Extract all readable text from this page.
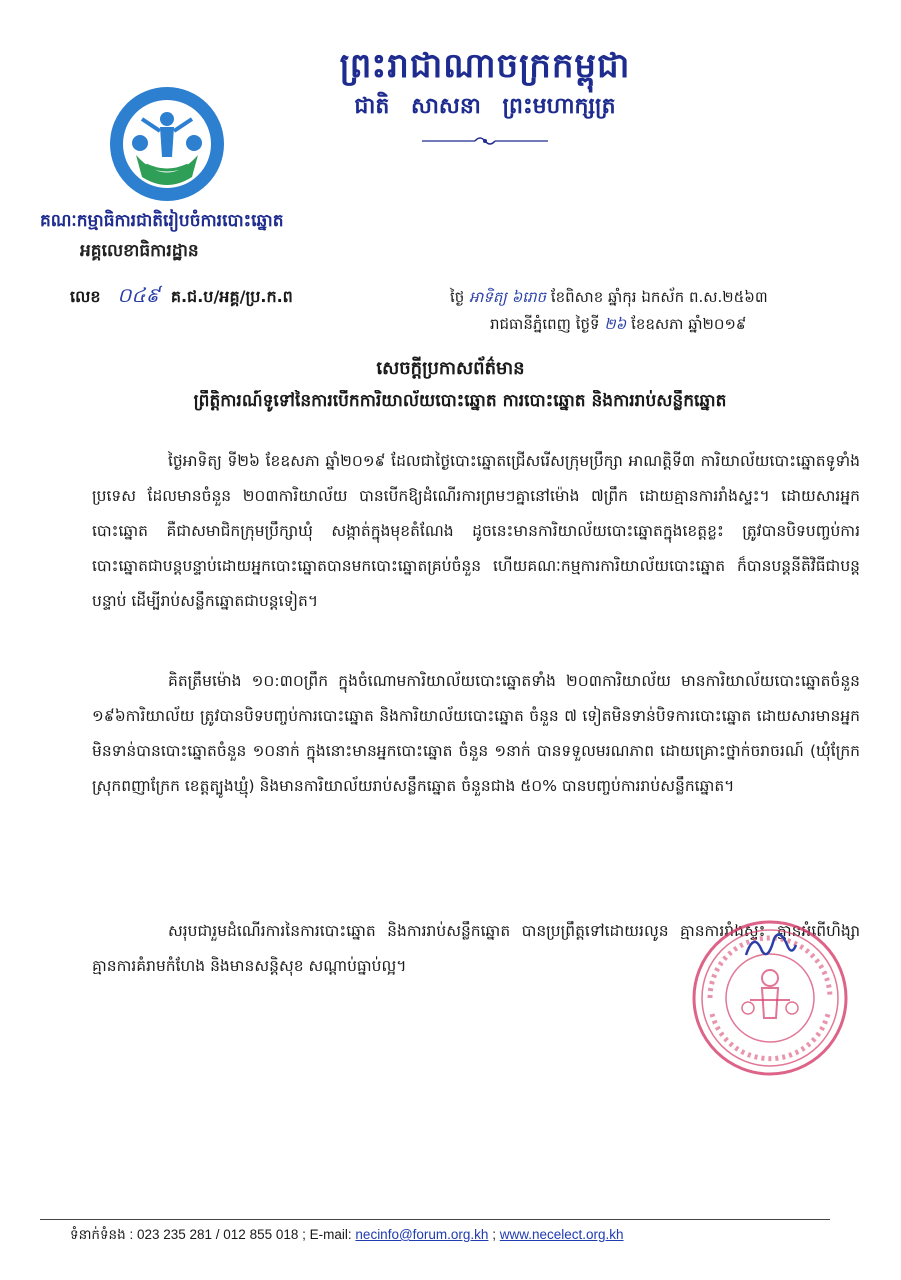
ព្រះរាជាណាចក្រកម្ពុជា
ជាតិ សាសនា ព្រះមហាក្សត្រ
គណៈកម្មាធិការជាតិរៀបចំការបោះឆ្នោត
អគ្គលេខាធិការដ្ឋាន
លេខ ០៤៩ គ.ជ.ប/អគ្គ/ប្រ.ក.ព	ថ្ងៃ អាទិត្យ ៦រោច ខែពិសាខ ឆ្នាំកុរ ឯកស័ក ព.ស.២៥៦៣
រាជធានីភ្នំពេញ ថ្ងៃទី ២៦ ខែឧសភា ឆ្នាំ២០១៩
សេចក្តីប្រកាសព័ត៌មាន
ព្រឹត្តិការណ៍ទូទៅនៃការបើកការិយាល័យបោះឆ្នោត ការបោះឆ្នោត និងការរាប់សន្លឹកឆ្នោត

ថ្ងៃអាទិត្យ ទី២៦ ខែឧសភា ឆ្នាំ២០១៩ ដែលជាថ្ងៃបោះឆ្នោតជ្រើសរើសក្រុមប្រឹក្សា អាណត្តិទី៣ ការិយាល័យបោះឆ្នោតទូទាំងប្រទេស ដែលមានចំនួន ២០៣ការិយាល័យ បានបើកឱ្យដំណើរការព្រមៗគ្នានៅម៉ោង ៧ព្រឹក ដោយគ្មានការរាំងស្ទះ។ ដោយសារអ្នកបោះឆ្នោត គឺជាសមាជិកក្រុមប្រឹក្សាឃុំ សង្កាត់ក្នុងមុខតំណែង ដូចនេះមានការិយាល័យបោះឆ្នោតក្នុងខេត្តខ្លះ ត្រូវបានបិទបញ្ចប់ការបោះឆ្នោតជាបន្តបន្ទាប់ដោយអ្នកបោះឆ្នោតបានមកបោះឆ្នោតគ្រប់ចំនួន ហើយគណៈកម្មការការិយាល័យបោះឆ្នោត ក៏បានបន្តនីតិវិធីជាបន្តបន្ទាប់ ដើម្បីរាប់សន្លឹកឆ្នោតជាបន្តទៀត។

គិតត្រឹមម៉ោង ១០:៣០ព្រឹក ក្នុងចំណោមការិយាល័យបោះឆ្នោតទាំង ២០៣ការិយាល័យ មានការិយាល័យបោះឆ្នោតចំនួន ១៩៦ការិយាល័យ ត្រូវបានបិទបញ្ចប់ការបោះឆ្នោត និងការិយាល័យបោះឆ្នោត ចំនួន ៧ ទៀតមិនទាន់បិទការបោះឆ្នោត ដោយសារមានអ្នកមិនទាន់បានបោះឆ្នោតចំនួន ១០នាក់ ក្នុងនោះមានអ្នកបោះឆ្នោត ចំនួន ១នាក់ បានទទួលមរណភាព ដោយគ្រោះថ្នាក់ចរាចរណ៍ (ឃុំក្រែក ស្រុកពញាក្រែក ខេត្តត្បូងឃ្មុំ) និងមានការិយាល័យរាប់សន្លឹកឆ្នោត ចំនួនជាង ៥០% បានបញ្ចប់ការរាប់សន្លឹកឆ្នោត។

សរុបជារួមដំណើរការនៃការបោះឆ្នោត និងការរាប់សន្លឹកឆ្នោត បានប្រព្រឹត្តទៅដោយរលូន គ្មានការរាំងស្ទះ គ្មានអំពើហិង្សា គ្មានការគំរាមកំហែង និងមានសន្តិសុខ សណ្តាប់ធ្នាប់ល្អ។

ទំនាក់ទំនង : 023 235 281 / 012 855 018 ; E-mail: necinfo@forum.org.kh ; www.necelect.org.kh
